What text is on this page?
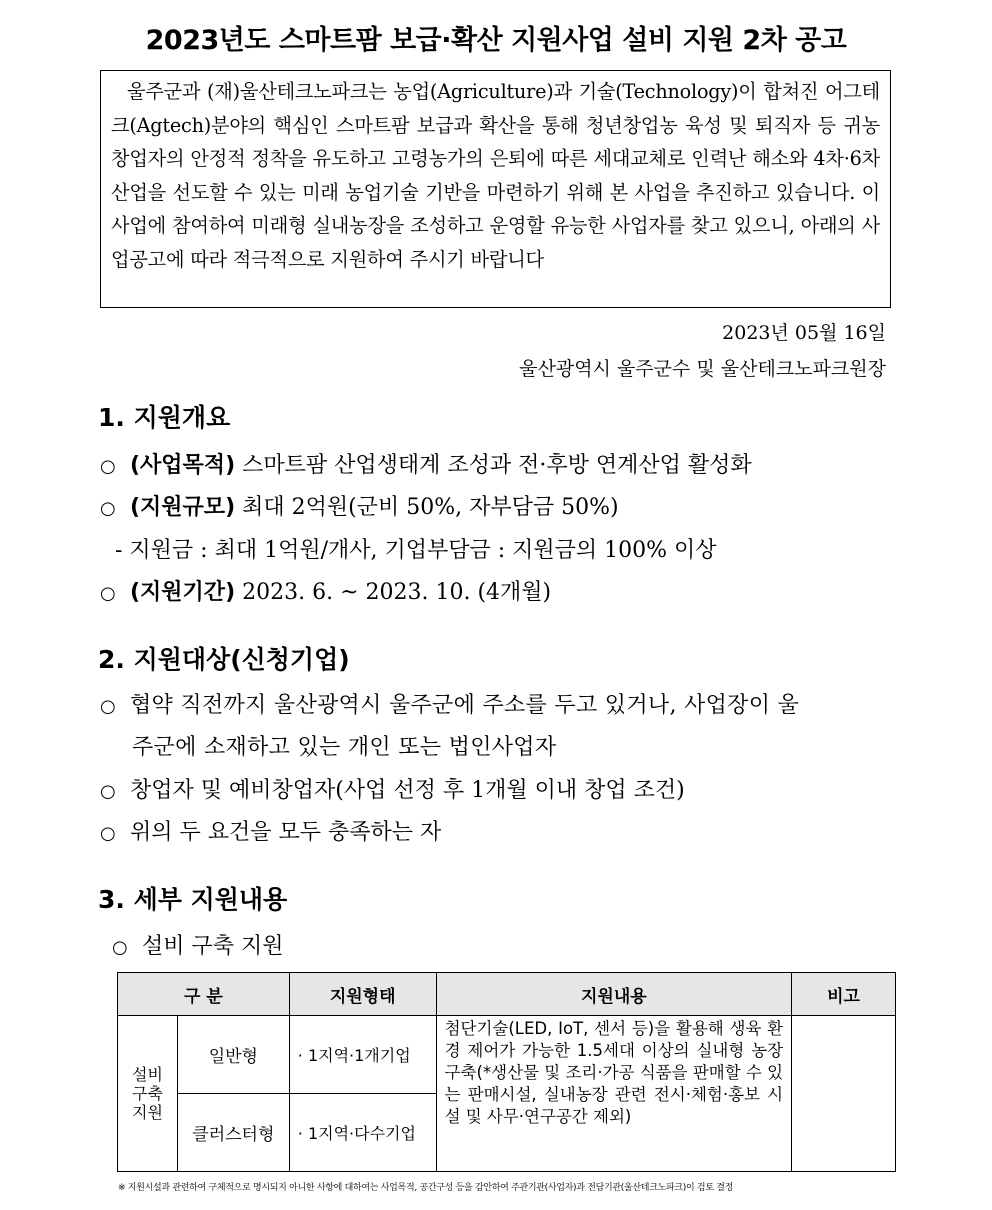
2023년도 스마트팜 보급·확산 지원사업 설비 지원 2차 공고

울주군과 (재)울산테크노파크는 농업(Agriculture)과 기술(Technology)이 합쳐진 어그테크(Agtech)분야의 핵심인 스마트팜 보급과 확산을 통해 청년창업농 육성 및 퇴직자 등 귀농 창업자의 안정적 정착을 유도하고 고령농가의 은퇴에 따른 세대교체로 인력난 해소와 4차·6차 산업을 선도할 수 있는 미래 농업기술 기반을 마련하기 위해 본 사업을 추진하고 있습니다. 이 사업에 참여하여 미래형 실내농장을 조성하고 운영할 유능한 사업자를 찾고 있으니, 아래의 사업공고에 따라 적극적으로 지원하여 주시기 바랍니다

2023년 05월 16일
울산광역시 울주군수 및 울산테크노파크원장
1. 지원개요
○ (사업목적) 스마트팜 산업생태계 조성과 전·후방 연계산업 활성화
○ (지원규모) 최대 2억원(군비 50%, 자부담금 50%)
- 지원금 : 최대 1억원/개사, 기업부담금 : 지원금의 100% 이상
○ (지원기간) 2023. 6. ~ 2023. 10. (4개월)
2. 지원대상(신청기업)
○ 협약 직전까지 울산광역시 울주군에 주소를 두고 있거나, 사업장이 울
주군에 소재하고 있는 개인 또는 법인사업자
○ 창업자 및 예비창업자(사업 선정 후 1개월 이내 창업 조건)
○ 위의 두 요건을 모두 충족하는 자
3. 세부 지원내용
○ 설비 구축 지원
구 분		지원형태	지원내용	비고

설비
구축
지원	일반형	· 1지역·1개기업	첨단기술(LED, IoT, 센서 등)을 활용해 생육 환경 제어가 가능한 1.5세대 이상의 실내형 농장구축(*생산물 및 조리·가공 식품을 판매할 수 있는 판매시설, 실내농장 관련 전시·체험·홍보 시설 및 사무·연구공간 제외)	
	클러스터형	· 1지역·다수기업		
※ 지원시설과 관련하여 구체적으로 명시되지 아니한 사항에 대하여는 사업목적, 공간구성 등을 감안하여 주관기관(사업자)과 전담기관(울산테크노파크)이 검토 결정
